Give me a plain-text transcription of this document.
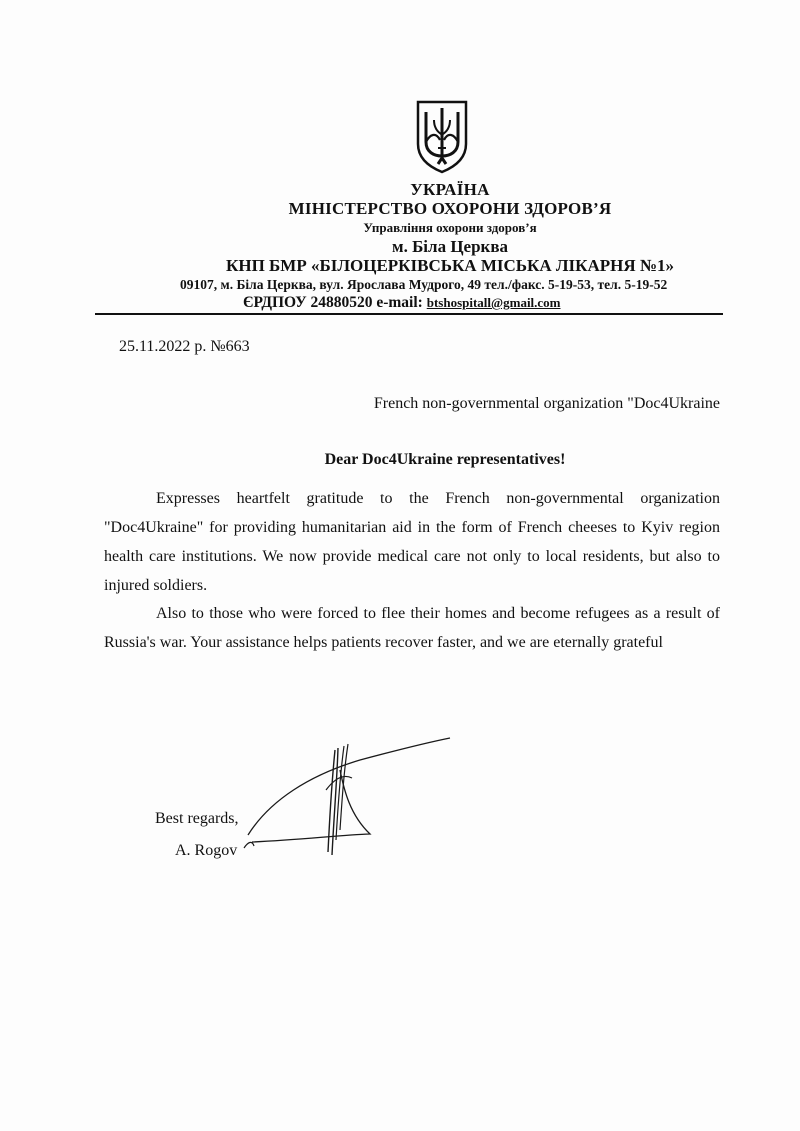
УКРАЇНА
МІНІСТЕРСТВО ОХОРОНИ ЗДОРОВ’Я
Управління охорони здоров’я
м. Біла Церква
КНП БМР «БІЛОЦЕРКІВСЬКА МІСЬКА ЛІКАРНЯ №1»
09107, м. Біла Церква, вул. Ярослава Мудрого, 49 тел./факс. 5-19-53, тел. 5-19-52
ЄРДПОУ 24880520 e-mail: btshospitall@gmail.com
25.11.2022 р. №663
French non-governmental organization "Doc4Ukraine
Dear Doc4Ukraine representatives!

Expresses heartfelt gratitude to the French non-governmental organization "Doc4Ukraine" for providing humanitarian aid in the form of French cheeses to Kyiv region health care institutions. We now provide medical care not only to local residents, but also to injured soldiers.

Also to those who were forced to flee their homes and become refugees as a result of Russia's war. Your assistance helps patients recover faster, and we are eternally grateful

Best regards,
A. Rogov
